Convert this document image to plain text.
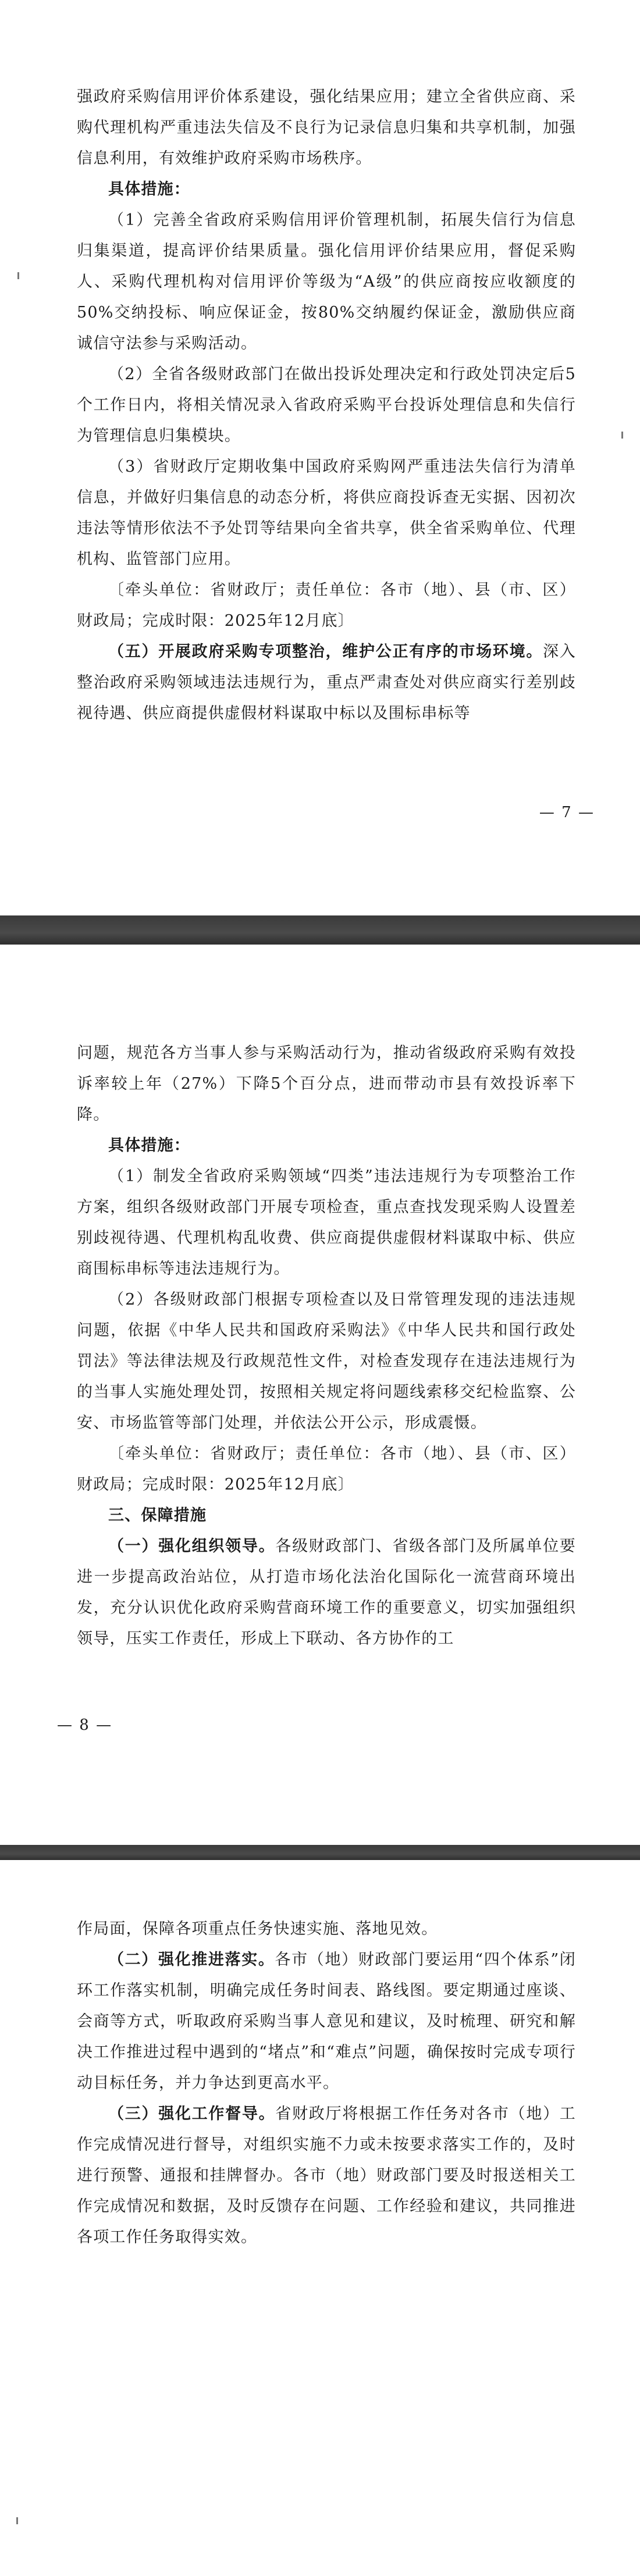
强政府采购信用评价体系建设，强化结果应用；建立全省供应商、采购代理机构严重违法失信及不良行为记录信息归集和共享机制，加强信息利用，有效维护政府采购市场秩序。

具体措施：

（1）完善全省政府采购信用评价管理机制，拓展失信行为信息归集渠道，提高评价结果质量。强化信用评价结果应用，督促采购人、采购代理机构对信用评价等级为“A级”的供应商按应收额度的50%交纳投标、响应保证金，按80%交纳履约保证金，激励供应商诚信守法参与采购活动。

（2）全省各级财政部门在做出投诉处理决定和行政处罚决定后5个工作日内，将相关情况录入省政府采购平台投诉处理信息和失信行为管理信息归集模块。

（3）省财政厅定期收集中国政府采购网严重违法失信行为清单信息，并做好归集信息的动态分析，将供应商投诉查无实据、因初次违法等情形依法不予处罚等结果向全省共享，供全省采购单位、代理机构、监管部门应用。

〔牵头单位：省财政厅；责任单位：各市（地）、县（市、区）财政局；完成时限：2025年12月底〕

（五）开展政府采购专项整治，维护公正有序的市场环境。深入整治政府采购领域违法违规行为，重点严肃查处对供应商实行差别歧视待遇、供应商提供虚假材料谋取中标以及围标串标等

— 7 —

问题，规范各方当事人参与采购活动行为，推动省级政府采购有效投诉率较上年（27%）下降5个百分点，进而带动市县有效投诉率下降。

具体措施：

（1）制发全省政府采购领域“四类”违法违规行为专项整治工作方案，组织各级财政部门开展专项检查，重点查找发现采购人设置差别歧视待遇、代理机构乱收费、供应商提供虚假材料谋取中标、供应商围标串标等违法违规行为。

（2）各级财政部门根据专项检查以及日常管理发现的违法违规问题，依据《中华人民共和国政府采购法》《中华人民共和国行政处罚法》等法律法规及行政规范性文件，对检查发现存在违法违规行为的当事人实施处理处罚，按照相关规定将问题线索移交纪检监察、公安、市场监管等部门处理，并依法公开公示，形成震慑。

〔牵头单位：省财政厅；责任单位：各市（地）、县（市、区）财政局；完成时限：2025年12月底〕

三、保障措施

（一）强化组织领导。各级财政部门、省级各部门及所属单位要进一步提高政治站位，从打造市场化法治化国际化一流营商环境出发，充分认识优化政府采购营商环境工作的重要意义，切实加强组织领导，压实工作责任，形成上下联动、各方协作的工

— 8 —

作局面，保障各项重点任务快速实施、落地见效。

（二）强化推进落实。各市（地）财政部门要运用“四个体系”闭环工作落实机制，明确完成任务时间表、路线图。要定期通过座谈、会商等方式，听取政府采购当事人意见和建议，及时梳理、研究和解决工作推进过程中遇到的“堵点”和“难点”问题，确保按时完成专项行动目标任务，并力争达到更高水平。

（三）强化工作督导。省财政厅将根据工作任务对各市（地）工作完成情况进行督导，对组织实施不力或未按要求落实工作的，及时进行预警、通报和挂牌督办。各市（地）财政部门要及时报送相关工作完成情况和数据，及时反馈存在问题、工作经验和建议，共同推进各项工作任务取得实效。
